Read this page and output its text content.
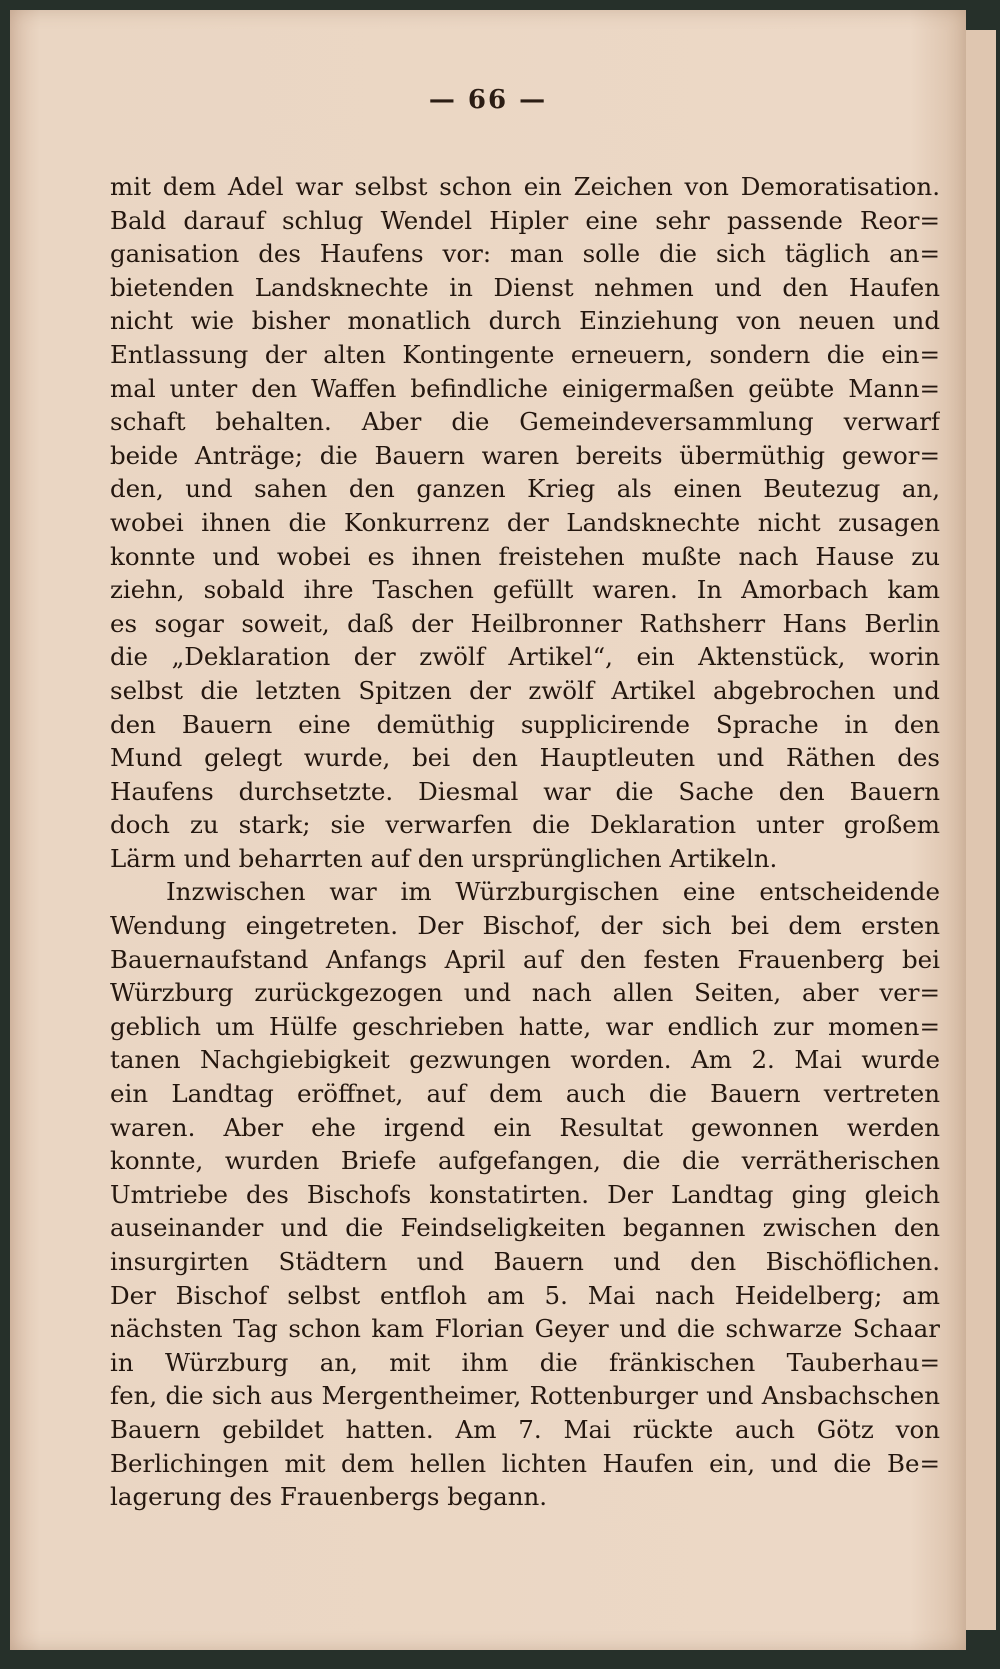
— 66 —
mit dem Adel war selbst schon ein Zeichen von Demoratisation.
Bald darauf schlug Wendel Hipler eine sehr passende Reor=
ganisation des Haufens vor: man solle die sich täglich an=
bietenden Landsknechte in Dienst nehmen und den Haufen
nicht wie bisher monatlich durch Einziehung von neuen und
Entlassung der alten Kontingente erneuern, sondern die ein=
mal unter den Waffen befindliche einigermaßen geübte Mann=
schaft behalten. Aber die Gemeindeversammlung verwarf
beide Anträge; die Bauern waren bereits übermüthig gewor=
den, und sahen den ganzen Krieg als einen Beutezug an,
wobei ihnen die Konkurrenz der Landsknechte nicht zusagen
konnte und wobei es ihnen freistehen mußte nach Hause zu
ziehn, sobald ihre Taschen gefüllt waren. In Amorbach kam
es sogar soweit, daß der Heilbronner Rathsherr Hans Berlin
die „Deklaration der zwölf Artikel“, ein Aktenstück, worin
selbst die letzten Spitzen der zwölf Artikel abgebrochen und
den Bauern eine demüthig supplicirende Sprache in den
Mund gelegt wurde, bei den Hauptleuten und Räthen des
Haufens durchsetzte. Diesmal war die Sache den Bauern
doch zu stark; sie verwarfen die Deklaration unter großem
Lärm und beharrten auf den ursprünglichen Artikeln.
Inzwischen war im Würzburgischen eine entscheidende
Wendung eingetreten. Der Bischof, der sich bei dem ersten
Bauernaufstand Anfangs April auf den festen Frauenberg bei
Würzburg zurückgezogen und nach allen Seiten, aber ver=
geblich um Hülfe geschrieben hatte, war endlich zur momen=
tanen Nachgiebigkeit gezwungen worden. Am 2. Mai wurde
ein Landtag eröffnet, auf dem auch die Bauern vertreten
waren. Aber ehe irgend ein Resultat gewonnen werden
konnte, wurden Briefe aufgefangen, die die verrätherischen
Umtriebe des Bischofs konstatirten. Der Landtag ging gleich
auseinander und die Feindseligkeiten begannen zwischen den
insurgirten Städtern und Bauern und den Bischöflichen.
Der Bischof selbst entfloh am 5. Mai nach Heidelberg; am
nächsten Tag schon kam Florian Geyer und die schwarze Schaar
in Würzburg an, mit ihm die fränkischen Tauberhau=
fen, die sich aus Mergentheimer, Rottenburger und Ansbachschen
Bauern gebildet hatten. Am 7. Mai rückte auch Götz von
Berlichingen mit dem hellen lichten Haufen ein, und die Be=
lagerung des Frauenbergs begann.
